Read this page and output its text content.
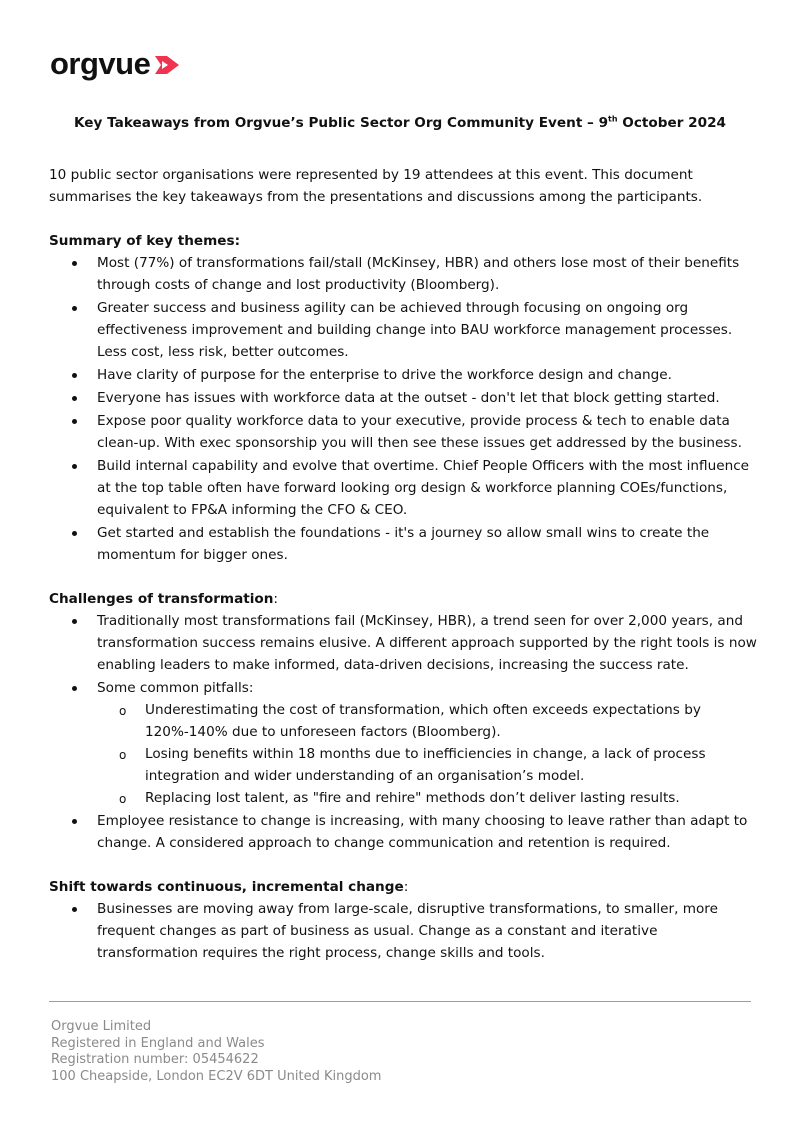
orgvue
Key Takeaways from Orgvue’s Public Sector Org Community Event – 9th October 2024

10 public sector organisations were represented by 19 attendees at this event. This document summarises the key takeaways from the presentations and discussions among the participants.

Summary of key themes:

Most (77%) of transformations fail/stall (McKinsey, HBR) and others lose most of their benefits through costs of change and lost productivity (Bloomberg).
Greater success and business agility can be achieved through focusing on ongoing org effectiveness improvement and building change into BAU workforce management processes. Less cost, less risk, better outcomes.
Have clarity of purpose for the enterprise to drive the workforce design and change.
Everyone has issues with workforce data at the outset - don't let that block getting started.
Expose poor quality workforce data to your executive, provide process & tech to enable data clean-up. With exec sponsorship you will then see these issues get addressed by the business.
Build internal capability and evolve that overtime. Chief People Officers with the most influence at the top table often have forward looking org design & workforce planning COEs/functions, equivalent to FP&A informing the CFO & CEO.
Get started and establish the foundations - it's a journey so allow small wins to create the momentum for bigger ones.

Challenges of transformation:

Traditionally most transformations fail (McKinsey, HBR), a trend seen for over 2,000 years, and transformation success remains elusive. A different approach supported by the right tools is now enabling leaders to make informed, data-driven decisions, increasing the success rate.
Some common pitfalls:
o Underestimating the cost of transformation, which often exceeds expectations by 120%-140% due to unforeseen factors (Bloomberg).
o Losing benefits within 18 months due to inefficiencies in change, a lack of process integration and wider understanding of an organisation’s model.
o Replacing lost talent, as "fire and rehire" methods don’t deliver lasting results.
Employee resistance to change is increasing, with many choosing to leave rather than adapt to change. A considered approach to change communication and retention is required.

Shift towards continuous, incremental change:

Businesses are moving away from large-scale, disruptive transformations, to smaller, more frequent changes as part of business as usual. Change as a constant and iterative transformation requires the right process, change skills and tools.
Orgvue Limited
Registered in England and Wales
Registration number: 05454622
100 Cheapside, London EC2V 6DT United Kingdom
